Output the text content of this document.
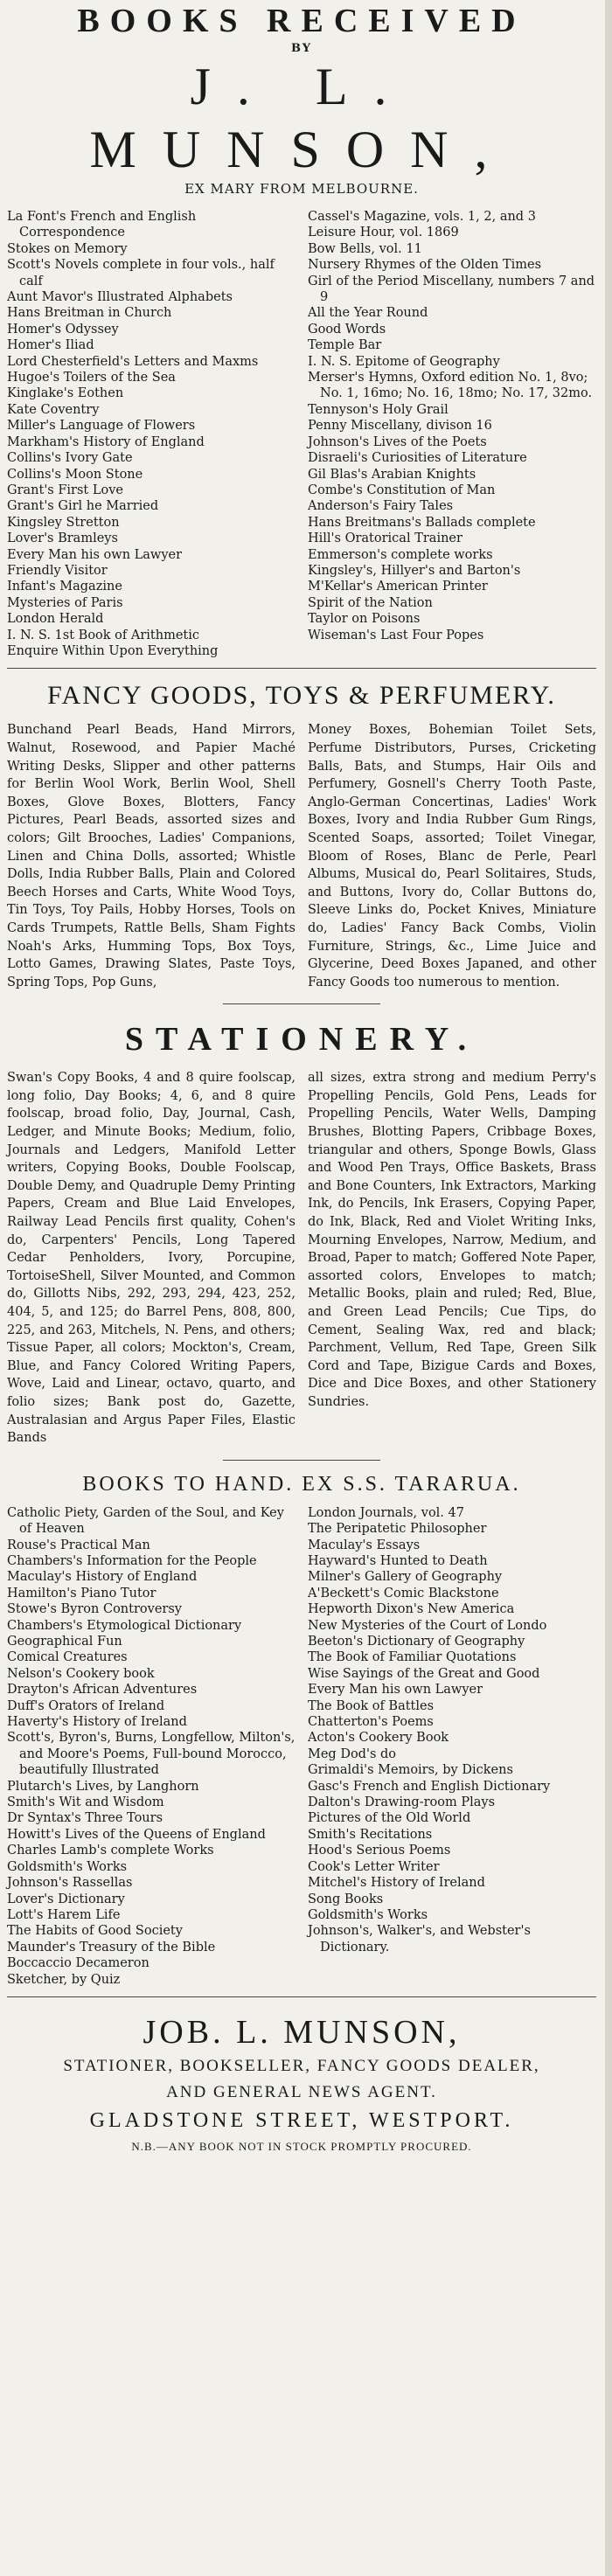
BOOKS RECEIVED
BY
J. L. MUNSON,
EX MARY FROM MELBOURNE.
La Font's French and English Correspondence
Stokes on Memory
Scott's Novels complete in four vols., half calf
Aunt Mavor's Illustrated Alphabets
Hans Breitman in Church
Homer's Odyssey
Homer's Iliad
Lord Chesterfield's Letters and Maxms
Hugoe's Toilers of the Sea
Kinglake's Eothen
Kate Coventry
Miller's Language of Flowers
Markham's History of England
Collins's Ivory Gate
Collins's Moon Stone
Grant's First Love
Grant's Girl he Married
Kingsley Stretton
Lover's Bramleys
Every Man his own Lawyer
Friendly Visitor
Infant's Magazine
Mysteries of Paris
London Herald
I. N. S. 1st Book of Arithmetic
Enquire Within Upon Everything
Cassel's Magazine, vols. 1, 2, and 3
Leisure Hour, vol. 1869
Bow Bells, vol. 11
Nursery Rhymes of the Olden Times
Girl of the Period Miscellany, numbers 7 and 9
All the Year Round
Good Words
Temple Bar
I. N. S. Epitome of Geography
Merser's Hymns, Oxford edition No. 1, 8vo; No. 1, 16mo; No. 16, 18mo; No. 17, 32mo.
Tennyson's Holy Grail
Penny Miscellany, divison 16
Johnson's Lives of the Poets
Disraeli's Curiosities of Literature
Gil Blas's Arabian Knights
Combe's Constitution of Man
Anderson's Fairy Tales
Hans Breitmans's Ballads complete
Hill's Oratorical Trainer
Emmerson's complete works
Kingsley's, Hillyer's and Barton's
M'Kellar's American Printer
Spirit of the Nation
Taylor on Poisons
Wiseman's Last Four Popes
FANCY GOODS, TOYS & PERFUMERY.
Bunchand Pearl Beads, Hand Mirrors, Walnut, Rosewood, and Papier Maché Writing Desks, Slipper and other patterns for Berlin Wool Work, Berlin Wool, Shell Boxes, Glove Boxes, Blotters, Fancy Pictures, Pearl Beads, assorted sizes and colors; Gilt Brooches, Ladies' Companions, Linen and China Dolls, assorted; Whistle Dolls, India Rubber Balls, Plain and Colored Beech Horses and Carts, White Wood Toys, Tin Toys, Toy Pails, Hobby Horses, Tools on Cards Trumpets, Rattle Bells, Sham Fights Noah's Arks, Humming Tops, Box Toys, Lotto Games, Drawing Slates, Paste Toys, Spring Tops, Pop Guns,
Money Boxes, Bohemian Toilet Sets, Perfume Distributors, Purses, Cricketing Balls, Bats, and Stumps, Hair Oils and Perfumery, Gosnell's Cherry Tooth Paste, Anglo-German Concertinas, Ladies' Work Boxes, Ivory and India Rubber Gum Rings, Scented Soaps, assorted; Toilet Vinegar, Bloom of Roses, Blanc de Perle, Pearl Albums, Musical do, Pearl Solitaires, Studs, and Buttons, Ivory do, Collar Buttons do, Sleeve Links do, Pocket Knives, Miniature do, Ladies' Fancy Back Combs, Violin Furniture, Strings, &c., Lime Juice and Glycerine, Deed Boxes Japaned, and other Fancy Goods too numerous to mention.
STATIONERY.
Swan's Copy Books, 4 and 8 quire foolscap, long folio, Day Books; 4, 6, and 8 quire foolscap, broad folio, Day, Journal, Cash, Ledger, and Minute Books; Medium, folio, Journals and Ledgers, Manifold Letter writers, Copying Books, Double Foolscap, Double Demy, and Quadruple Demy Printing Papers, Cream and Blue Laid Envelopes, Railway Lead Pencils first quality, Cohen's do, Carpenters' Pencils, Long Tapered Cedar Penholders, Ivory, Porcupine, TortoiseShell, Silver Mounted, and Common do, Gillotts Nibs, 292, 293, 294, 423, 252, 404, 5, and 125; do Barrel Pens, 808, 800, 225, and 263, Mitchels, N. Pens, and others; Tissue Paper, all colors; Mockton's, Cream, Blue, and Fancy Colored Writing Papers, Wove, Laid and Linear, octavo, quarto, and folio sizes; Bank post do, Gazette, Australasian and Argus Paper Files, Elastic Bands
all sizes, extra strong and medium Perry's Propelling Pencils, Gold Pens, Leads for Propelling Pencils, Water Wells, Damping Brushes, Blotting Papers, Cribbage Boxes, triangular and others, Sponge Bowls, Glass and Wood Pen Trays, Office Baskets, Brass and Bone Counters, Ink Extractors, Marking Ink, do Pencils, Ink Erasers, Copying Paper, do Ink, Black, Red and Violet Writing Inks, Mourning Envelopes, Narrow, Medium, and Broad, Paper to match; Goffered Note Paper, assorted colors, Envelopes to match; Metallic Books, plain and ruled; Red, Blue, and Green Lead Pencils; Cue Tips, do Cement, Sealing Wax, red and black; Parchment, Vellum, Red Tape, Green Silk Cord and Tape, Bizigue Cards and Boxes, Dice and Dice Boxes, and other Stationery Sundries.
BOOKS TO HAND. EX S.S. TARARUA.
Catholic Piety, Garden of the Soul, and Key of Heaven
Rouse's Practical Man
Chambers's Information for the People
Maculay's History of England
Hamilton's Piano Tutor
Stowe's Byron Controversy
Chambers's Etymological Dictionary
Geographical Fun
Comical Creatures
Nelson's Cookery book
Drayton's African Adventures
Duff's Orators of Ireland
Haverty's History of Ireland
Scott's, Byron's, Burns, Longfellow, Milton's, and Moore's Poems, Full-bound Morocco, beautifully Illustrated
Plutarch's Lives, by Langhorn
Smith's Wit and Wisdom
Dr Syntax's Three Tours
Howitt's Lives of the Queens of England
Charles Lamb's complete Works
Goldsmith's Works
Johnson's Rassellas
Lover's Dictionary
Lott's Harem Life
The Habits of Good Society
Maunder's Treasury of the Bible
Boccaccio Decameron
Sketcher, by Quiz
London Journals, vol. 47
The Peripatetic Philosopher
Maculay's Essays
Hayward's Hunted to Death
Milner's Gallery of Geography
A'Beckett's Comic Blackstone
Hepworth Dixon's New America
New Mysteries of the Court of Londo
Beeton's Dictionary of Geography
The Book of Familiar Quotations
Wise Sayings of the Great and Good
Every Man his own Lawyer
The Book of Battles
Chatterton's Poems
Acton's Cookery Book
Meg Dod's do
Grimaldi's Memoirs, by Dickens
Gasc's French and English Dictionary
Dalton's Drawing-room Plays
Pictures of the Old World
Smith's Recitations
Hood's Serious Poems
Cook's Letter Writer
Mitchel's History of Ireland
Song Books
Goldsmith's Works
Johnson's, Walker's, and Webster's Dictionary.
JOB. L. MUNSON,
STATIONER, BOOKSELLER, FANCY GOODS DEALER,
AND GENERAL NEWS AGENT.
GLADSTONE STREET, WESTPORT.
N.B.—ANY BOOK NOT IN STOCK PROMPTLY PROCURED.
